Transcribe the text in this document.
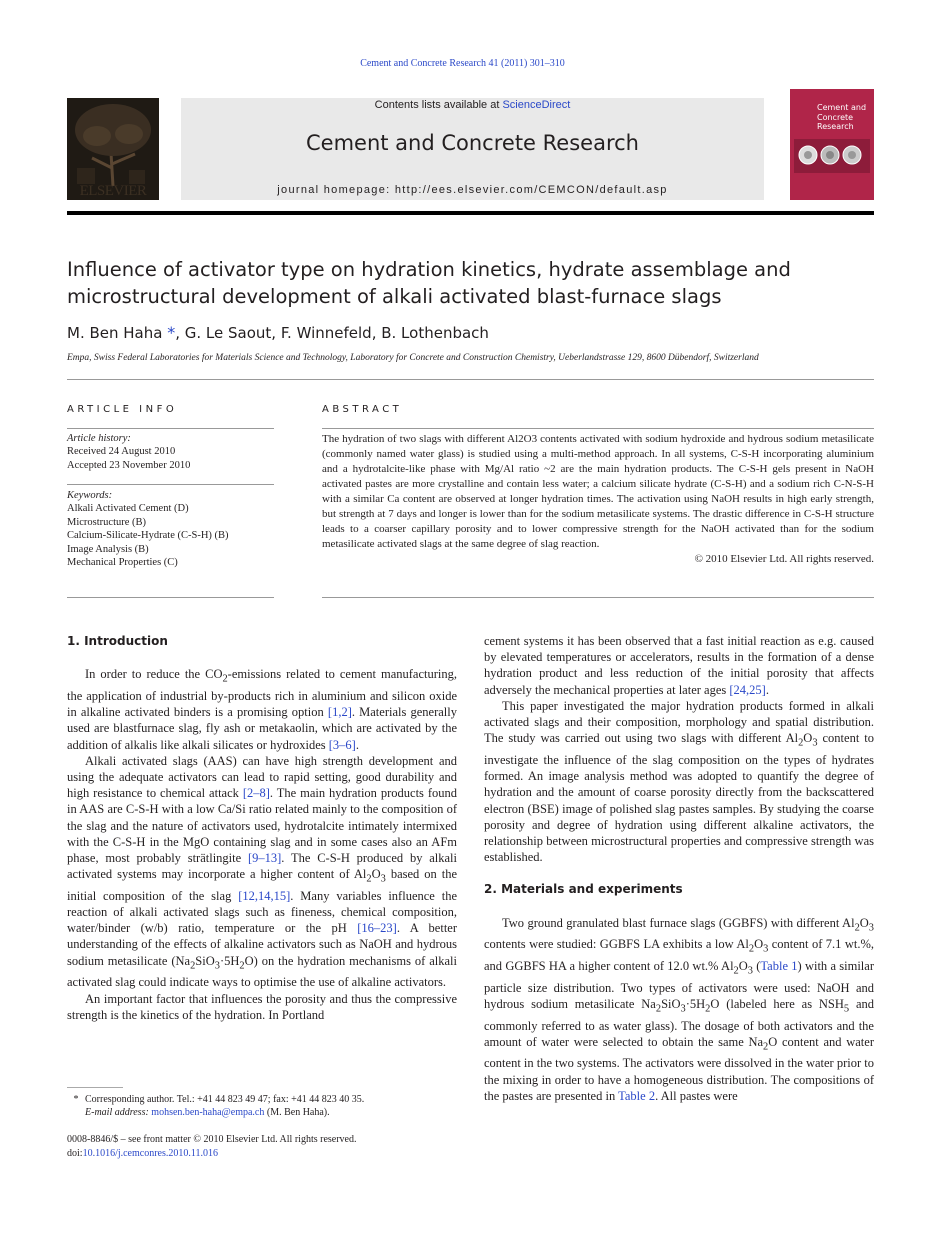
Cement and Concrete Research 41 (2011) 301–310
ELSEVIER
Contents lists available at ScienceDirect
Cement and Concrete Research
journal homepage: http://ees.elsevier.com/CEMCON/default.asp
Cement and Concrete Research
Influence of activator type on hydration kinetics, hydrate assemblage and
microstructural development of alkali activated blast-furnace slags
M. Ben Haha *, G. Le Saout, F. Winnefeld, B. Lothenbach
Empa, Swiss Federal Laboratories for Materials Science and Technology, Laboratory for Concrete and Construction Chemistry, Ueberlandstrasse 129, 8600 Dübendorf, Switzerland
ARTICLE INFO
Article history:
Received 24 August 2010
Accepted 23 November 2010
Keywords:
Alkali Activated Cement (D)
Microstructure (B)
Calcium-Silicate-Hydrate (C-S-H) (B)
Image Analysis (B)
Mechanical Properties (C)
ABSTRACT
The hydration of two slags with different Al2O3 contents activated with sodium hydroxide and hydrous sodium metasilicate (commonly named water glass) is studied using a multi-method approach. In all systems, C-S-H incorporating aluminium and a hydrotalcite-like phase with Mg/Al ratio ~2 are the main hydration products. The C-S-H gels present in NaOH activated pastes are more crystalline and contain less water; a calcium silicate hydrate (C-S-H) and a sodium rich C-N-S-H with a similar Ca content are observed at longer hydration times. The activation using NaOH results in high early strength, but strength at 7 days and longer is lower than for the sodium metasilicate systems. The drastic difference in C-S-H structure leads to a coarser capillary porosity and to lower compressive strength for the NaOH activated than for the sodium metasilicate activated slags at the same degree of slag reaction.
© 2010 Elsevier Ltd. All rights reserved.
1. Introduction

In order to reduce the $CO_2$-emissions related to cement manufacturing, the application of industrial by-products rich in aluminium and silicon oxide in alkaline activated binders is a promising option [1,2]. Materials generally used are blastfurnace slag, fly ash or metakaolin, which are activated by the addition of alkalis like alkali silicates or hydroxides [3–6].

Alkali activated slags (AAS) can have high strength development and using the adequate activators can lead to rapid setting, good durability and high resistance to chemical attack [2–8]. The main hydration products found in AAS are C-S-H with a low Ca/Si ratio related mainly to the composition of the slag and the nature of activators used, hydrotalcite intimately intermixed with the C-S-H in the MgO containing slag and in some cases also an AFm phase, most probably strätlingite [9–13]. The C-S-H produced by alkali activated systems may incorporate a higher content of $Al_2O_3$ based on the initial composition of the slag [12,14,15]. Many variables influence the reaction of alkali activated slags such as fineness, chemical composition, water/binder (w/b) ratio, temperature or the pH [16–23]. A better understanding of the effects of alkaline activators such as NaOH and hydrous sodium metasilicate $(Na_2SiO_3\cdot 5H_2O)$ on the hydration mechanisms of alkali activated slag could indicate ways to optimise the use of alkaline activators.

An important factor that influences the porosity and thus the compressive strength is the kinetics of the hydration. In Portland

cement systems it has been observed that a fast initial reaction as e.g. caused by elevated temperatures or accelerators, results in the formation of a dense hydration product and less reduction of the initial porosity that affects adversely the mechanical properties at later ages [24,25].

This paper investigated the major hydration products formed in alkali activated slags and their composition, morphology and spatial distribution. The study was carried out using two slags with different $Al_2O_3$ content to investigate the influence of the slag composition on the types of hydrates formed. An image analysis method was adopted to quantify the degree of hydration and the amount of coarse porosity directly from the backscattered electron (BSE) image of polished slag pastes samples. By studying the coarse porosity and degree of hydration using different alkaline activators, the relationship between microstructural properties and compressive strength was established.

2. Materials and experiments

Two ground granulated blast furnace slags (GGBFS) with different $Al_2O_3$ contents were studied: GGBFS LA exhibits a low $Al_2O_3$ content of 7.1 wt.%, and GGBFS HA a higher content of 12.0 wt.% $Al_2O_3$ (Table 1) with a similar particle size distribution. Two types of activators were used: NaOH and hydrous sodium metasilicate $Na_2SiO_3\cdot 5H_2O$ (labeled here as $NSH_5$ and commonly referred to as water glass). The dosage of both activators and the amount of water were selected to obtain the same $Na_2O$ content and water content in the two systems. The activators were dissolved in the water prior to the mixing in order to have a homogeneous distribution. The compositions of the pastes are presented in Table 2. All pastes were

* Corresponding author. Tel.: +41 44 823 49 47; fax: +41 44 823 40 35.
E-mail address: mohsen.ben-haha@empa.ch (M. Ben Haha).
0008-8846/$ – see front matter © 2010 Elsevier Ltd. All rights reserved.
doi:10.1016/j.cemconres.2010.11.016
